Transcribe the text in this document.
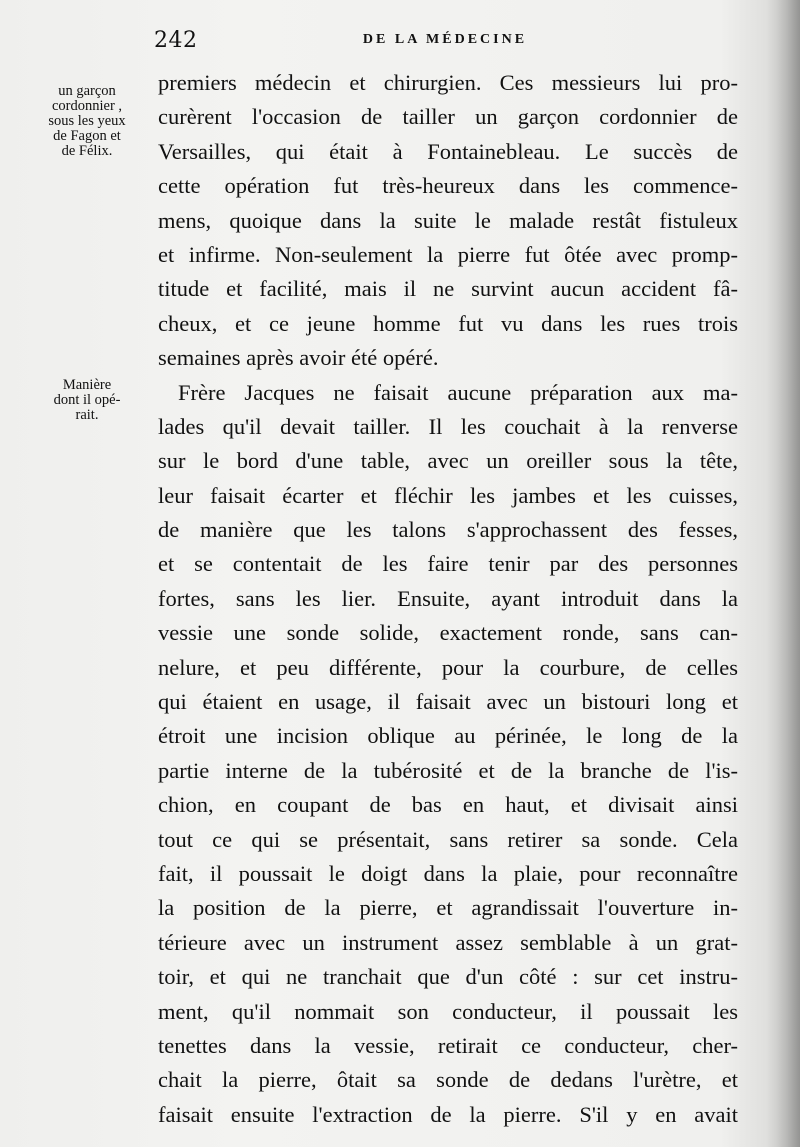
242	DE LA MÉDECINE
un garçon
cordonnier ,
sous les yeux
de Fagon et
de Félix.
Manière
dont il opé-
rait.
premiers médecin et chirurgien. Ces messieurs lui pro-
curèrent l'occasion de tailler un garçon cordonnier de
Versailles, qui était à Fontainebleau. Le succès de
cette opération fut très-heureux dans les commence-
mens, quoique dans la suite le malade restât fistuleux
et infirme. Non-seulement la pierre fut ôtée avec promp-
titude et facilité, mais il ne survint aucun accident fâ-
cheux, et ce jeune homme fut vu dans les rues trois
semaines après avoir été opéré.
Frère Jacques ne faisait aucune préparation aux ma-
lades qu'il devait tailler. Il les couchait à la renverse
sur le bord d'une table, avec un oreiller sous la tête,
leur faisait écarter et fléchir les jambes et les cuisses,
de manière que les talons s'approchassent des fesses,
et se contentait de les faire tenir par des personnes
fortes, sans les lier. Ensuite, ayant introduit dans la
vessie une sonde solide, exactement ronde, sans can-
nelure, et peu différente, pour la courbure, de celles
qui étaient en usage, il faisait avec un bistouri long et
étroit une incision oblique au périnée, le long de la
partie interne de la tubérosité et de la branche de l'is-
chion, en coupant de bas en haut, et divisait ainsi
tout ce qui se présentait, sans retirer sa sonde. Cela
fait, il poussait le doigt dans la plaie, pour reconnaître
la position de la pierre, et agrandissait l'ouverture in-
térieure avec un instrument assez semblable à un grat-
toir, et qui ne tranchait que d'un côté : sur cet instru-
ment, qu'il nommait son conducteur, il poussait les
tenettes dans la vessie, retirait ce conducteur, cher-
chait la pierre, ôtait sa sonde de dedans l'urètre, et
faisait ensuite l'extraction de la pierre. S'il y en avait
